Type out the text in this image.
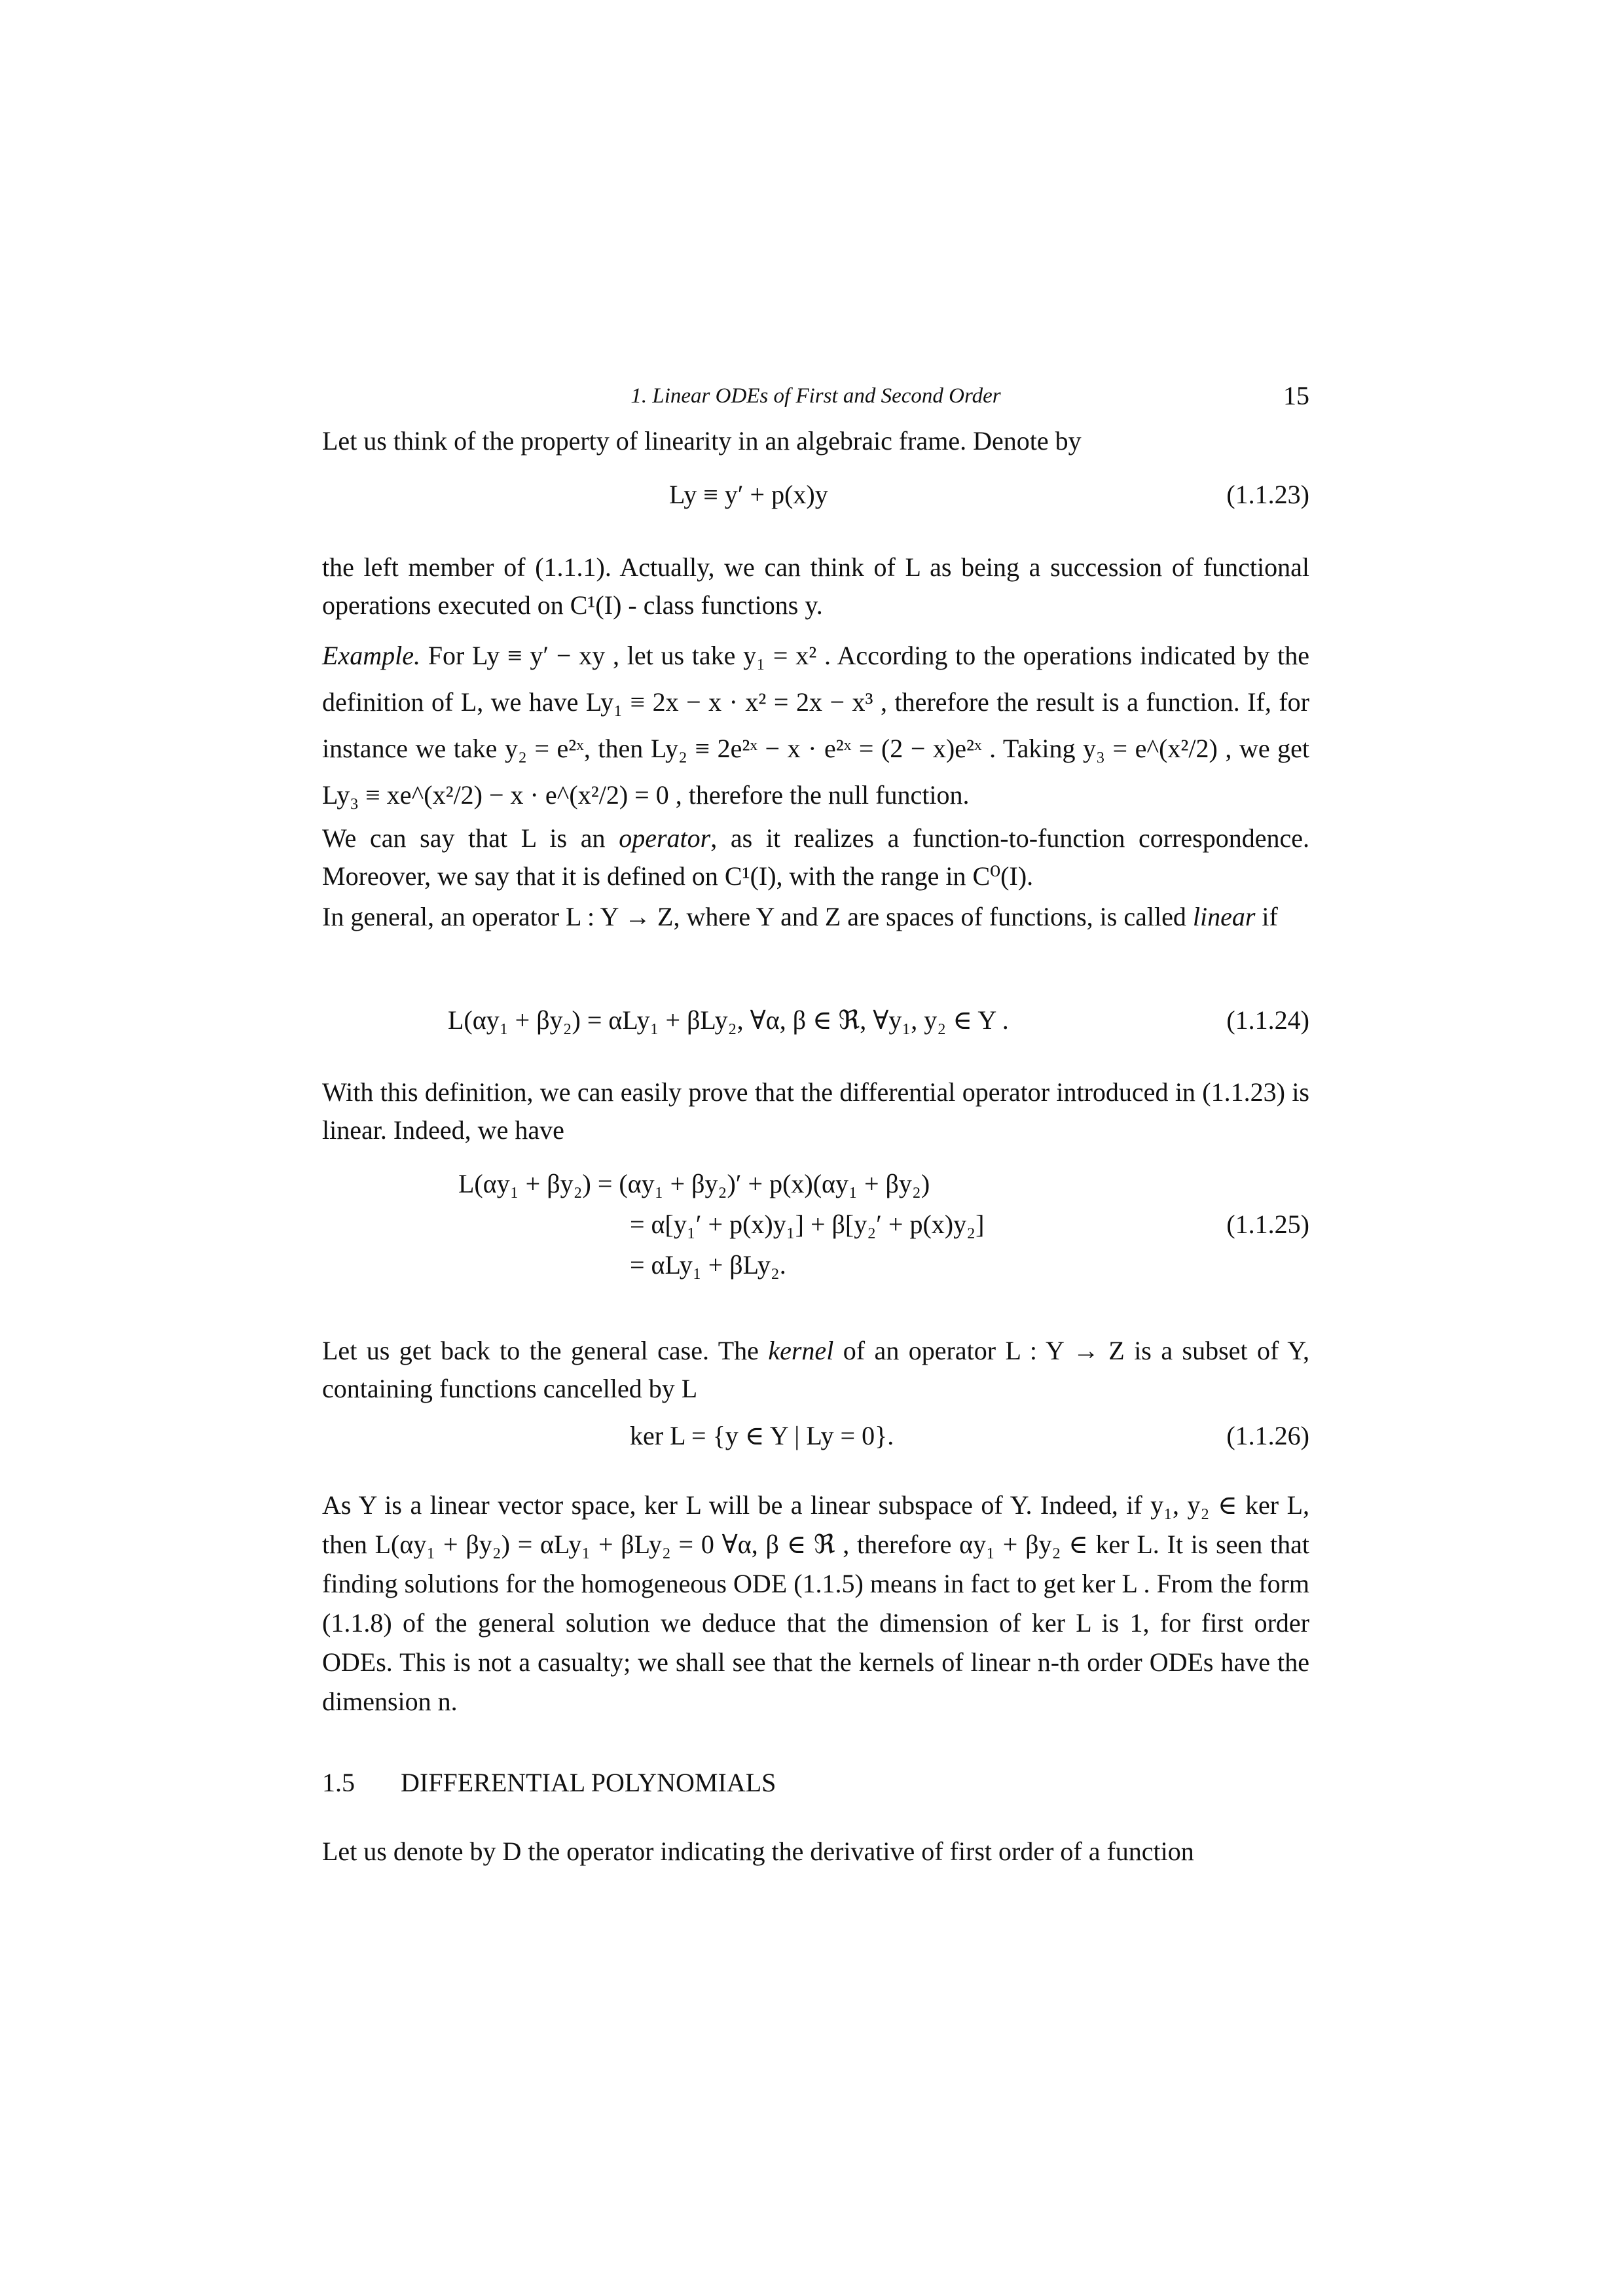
1. Linear ODEs of First and Second Order	15
Let us think of the property of linearity in an algebraic frame. Denote by
Ly ≡ y′ + p(x)y	(1.1.23)
the left member of (1.1.1). Actually, we can think of L as being a succession of functional operations executed on C¹(I) - class functions y.
Example. For Ly ≡ y′ − xy , let us take y₁ = x² . According to the operations indicated by the definition of L, we have Ly₁ ≡ 2x − x · x² = 2x − x³ , therefore the result is a function. If, for instance we take y₂ = e²ˣ, then Ly₂ ≡ 2e²ˣ − x · e²ˣ = (2 − x)e²ˣ . Taking y₃ = e^(x²/2) , we get Ly₃ ≡ xe^(x²/2) − x · e^(x²/2) = 0 , therefore the null function.
We can say that L is an operator, as it realizes a function-to-function correspondence. Moreover, we say that it is defined on C¹(I), with the range in C⁰(I).
In general, an operator L : Y → Z, where Y and Z are spaces of functions, is called linear if
L(αy₁ + βy₂) = αLy₁ + βLy₂, ∀α, β ∈ ℜ, ∀y₁, y₂ ∈ Y .	(1.1.24)
With this definition, we can easily prove that the differential operator introduced in (1.1.23) is linear. Indeed, we have
L(αy₁ + βy₂) = (αy₁ + βy₂)′ + p(x)(αy₁ + βy₂)
= α[y₁′ + p(x)y₁] + β[y₂′ + p(x)y₂]
= αLy₁ + βLy₂.
(1.1.25)
Let us get back to the general case. The kernel of an operator L : Y → Z is a subset of Y, containing functions cancelled by L
ker L = {y ∈ Y | Ly = 0}.	(1.1.26)
As Y is a linear vector space, ker L will be a linear subspace of Y. Indeed, if y₁, y₂ ∈ ker L, then L(αy₁ + βy₂) = αLy₁ + βLy₂ = 0 ∀α, β ∈ ℜ , therefore αy₁ + βy₂ ∈ ker L. It is seen that finding solutions for the homogeneous ODE (1.1.5) means in fact to get ker L . From the form (1.1.8) of the general solution we deduce that the dimension of ker L is 1, for first order ODEs. This is not a casualty; we shall see that the kernels of linear n-th order ODEs have the dimension n.
1.5 DIFFERENTIAL POLYNOMIALS
Let us denote by D the operator indicating the derivative of first order of a function
